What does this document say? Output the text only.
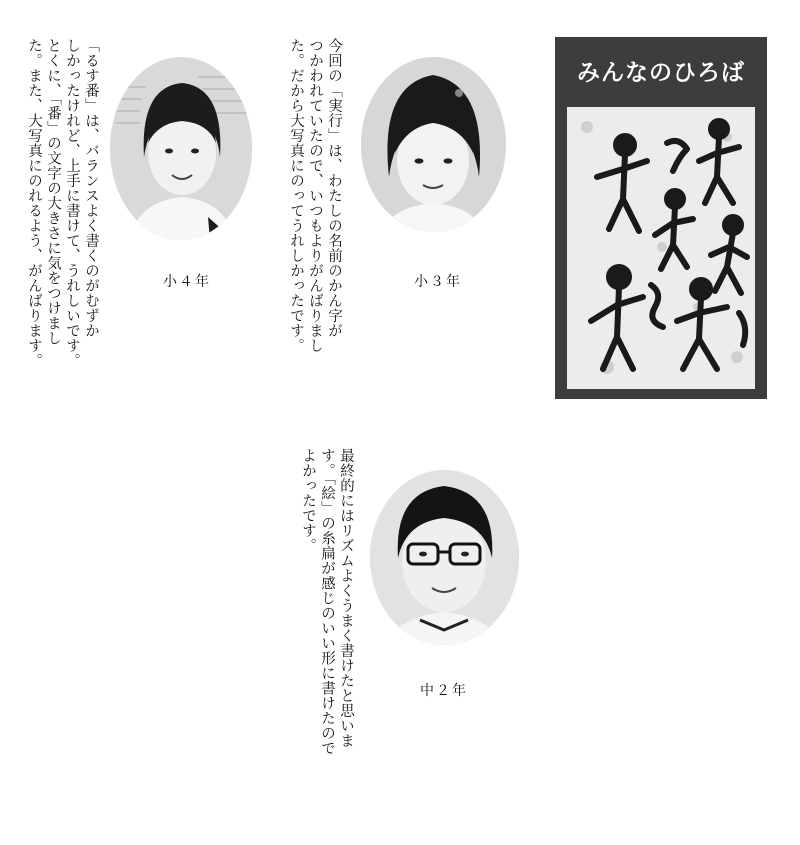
「るす番」は、バランスよく書くのがむずか
しかったけれど、上手に書けて、うれしいです。
とくに、「番」の文字の大きさに気をつけまし
た。また、大写真にのれるよう、がんばります。	小４年	今回の「実行」は、わたしの名前のかん字が
つかわれていたので、いつもよりがんばりまし
た。だから大写真にのってうれしかったです。	小３年
みんなのひろば
最終的にはリズムよくうまく書けたと思いま
す。「絵」の糸扁が感じのいい形に書けたので
よかったです。
中２年
